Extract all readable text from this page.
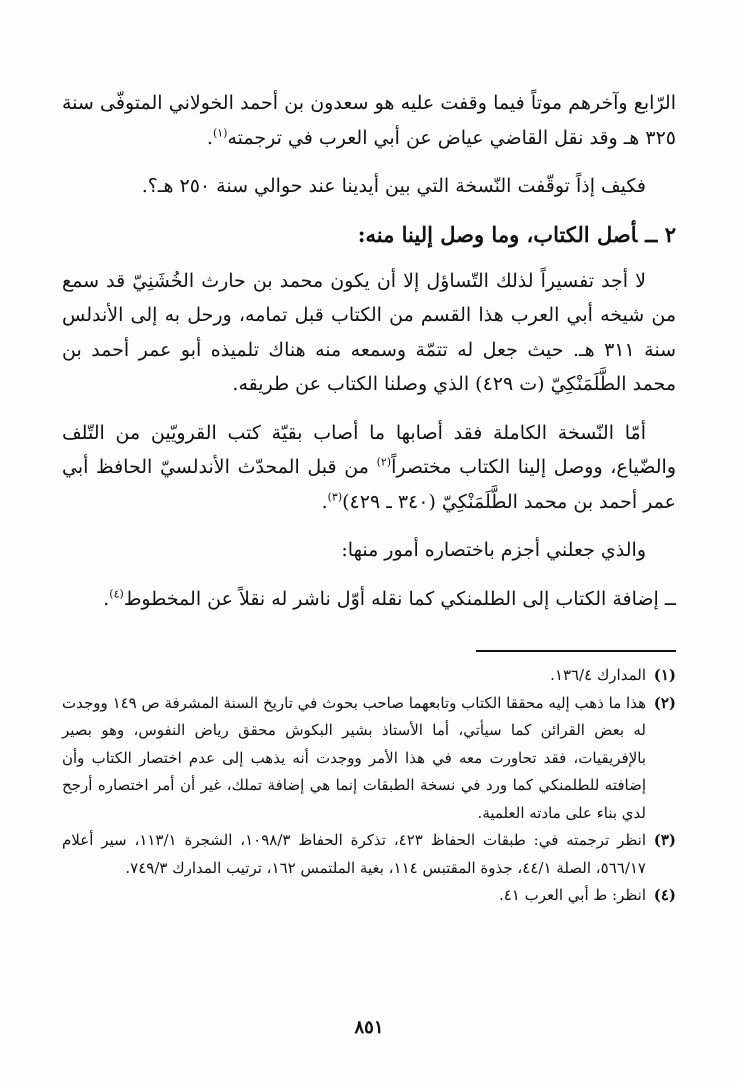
الرّابع وآخرهم موتاً فيما وقفت عليه هو سعدون بن أحمد الخولاني المتوفّى سنة ٣٢٥ هـ وقد نقل القاضي عياض عن أبي العرب في ترجمته$^{(١)}$.

فكيف إذاً توقّفت النّسخة التي بين أيدينا عند حوالي سنة ٢٥٠ هـ؟.

٢ ــأصل الكتاب، وما وصل إلينا منه:

لا أجد تفسيراً لذلك التّساؤل إلا أن يكون محمد بن حارث الخُشَنِيّ قد سمع من شيخه أبي العرب هذا القسم من الكتاب قبل تمامه، ورحل به إلى الأندلس سنة ٣١١ هـ. حيث جعل له تتمّة وسمعه منه هناك تلميذه أبو عمر أحمد بن محمد الطَّلَمَنْكِيّ (ت ٤٢٩) الذي وصلنا الكتاب عن طريقه.

أمّا النّسخة الكاملة فقد أصابها ما أصاب بقيّة كتب القرويّين من التّلف والضّياع، ووصل إلينا الكتاب مختصراً$^{(٢)}$ من قبل المحدّث الأندلسيّ الحافظ أبي عمر أحمد بن محمد الطَّلَمَنْكِيّ (٣٤٠ ـ ٤٢٩)$^{(٣)}$.

والذي جعلني أجزم باختصاره أمور منها:

ــ إضافة الكتاب إلى الطلمنكي كما نقله أوّل ناشر له نقلاً عن المخطوط$^{(٤)}$.

(١)
المدارك ١٣٦/٤.
(٢)
هذا ما ذهب إليه محققا الكتاب وتابعهما صاحب بحوث في تاريخ السنة المشرفة ص ١٤٩ ووجدت له بعض القرائن كما سيأتي، أما الأستاذ بشير البكوش محقق رياض النفوس، وهو بصير بالإفريقيات، فقد تحاورت معه في هذا الأمر ووجدت أنه يذهب إلى عدم اختصار الكتاب وأن إضافته للطلمنكي كما ورد في نسخة الطبقات إنما هي إضافة تملك، غير أن أمر اختصاره أرجح لدي بناء على مادته العلمية.
(٣)
انظر ترجمته في: طبقات الحفاظ ٤٢٣، تذكرة الحفاظ ١٠٩٨/٣، الشجرة ١١٣/١، سير أعلام ٥٦٦/١٧، الصلة ٤٤/١، جذوة المقتبس ١١٤، بغية الملتمس ١٦٢، ترتيب المدارك ٧٤٩/٣.
(٤)
انظر: ط أبي العرب ٤١.
٨٥١
